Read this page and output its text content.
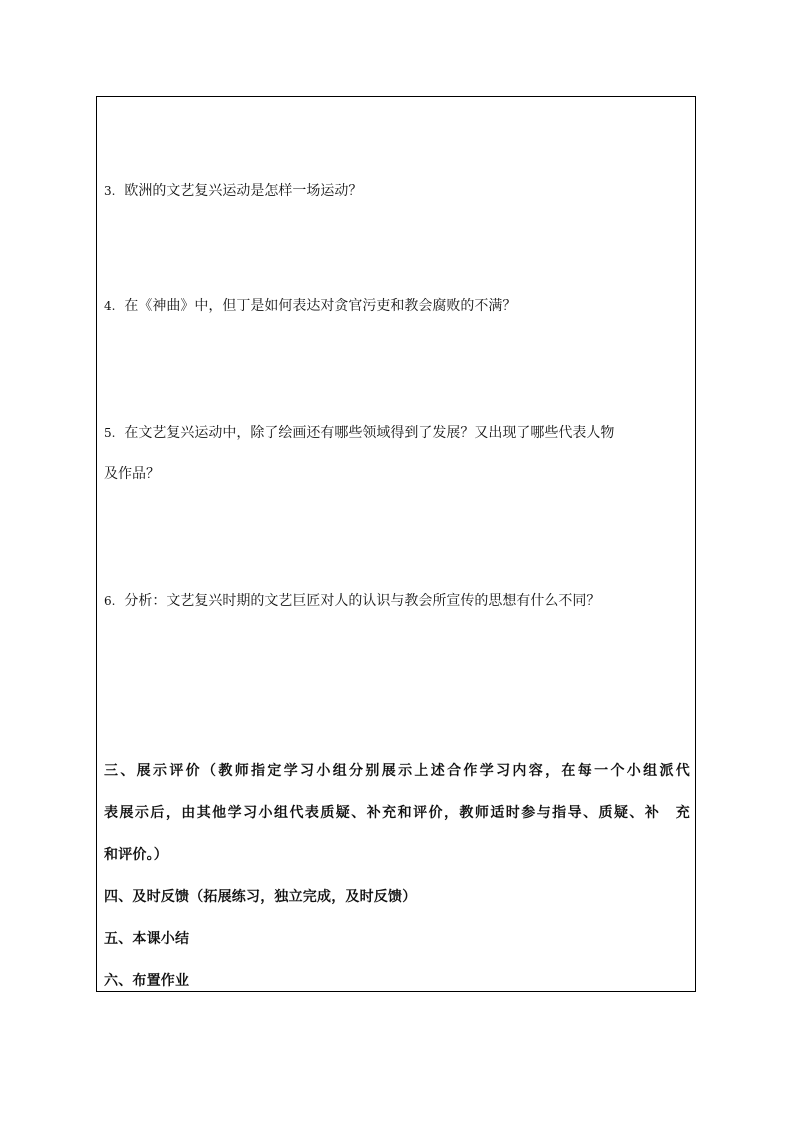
3. 欧洲的文艺复兴运动是怎样一场运动？
4. 在《神曲》中，但丁是如何表达对贪官污吏和教会腐败的不满？
5. 在文艺复兴运动中，除了绘画还有哪些领域得到了发展？又出现了哪些代表人物
及作品？
6. 分析：文艺复兴时期的文艺巨匠对人的认识与教会所宣传的思想有什么不同？
三、展示评价（教师指定学习小组分别展示上述合作学习内容，在每一个小组派代
表展示后，由其他学习小组代表质疑、补充和评价，教师适时参与指导、质疑、补　充
和评价。）
四、及时反馈（拓展练习，独立完成，及时反馈）
五、本课小结
六、布置作业
